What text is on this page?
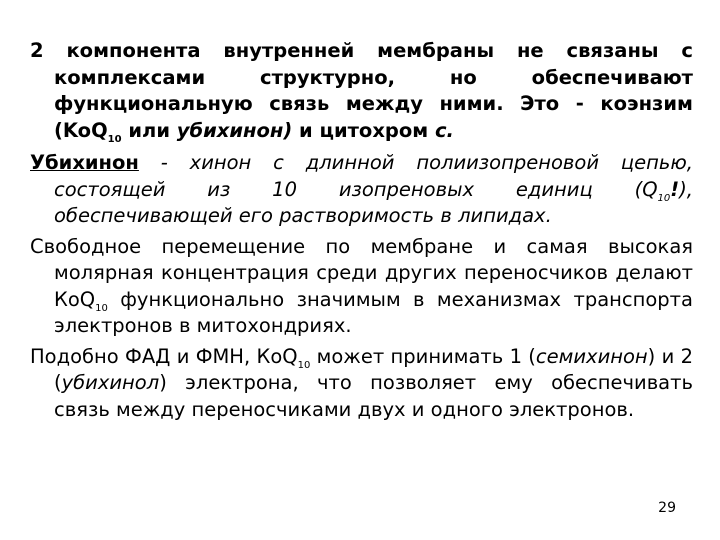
2 компонента внутренней мембраны не связаны с комплексами структурно, но обеспечивают функциональную связь между ними. Это - коэнзим (KoQ$_{10}$ или убихинон) и цитохром с.

Убихинон - хинон с длинной полиизопреновой цепью, состоящей из 10 изопреновых единиц $(Q_{10}!)$, обеспечивающей его растворимость в липидах.

Свободное перемещение по мембране и самая высокая молярная концентрация среди других переносчиков делают КоQ$_{10}$ функционально значимым в механизмах транспорта электронов в митохондриях.

Подобно ФАД и ФМН, КоQ$_{10}$ может принимать 1 (семихинон) и 2 (убихинол) электрона, что позволяет ему обеспечивать связь между переносчиками двух и одного электронов.

29
